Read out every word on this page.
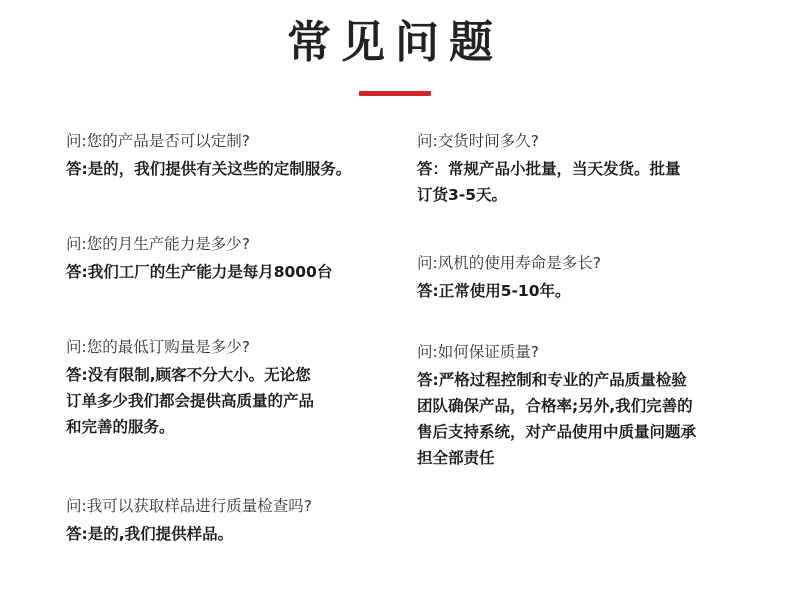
常见问题
问:您的产品是否可以定制?
答:是的，我们提供有关这些的定制服务。
问:您的月生产能力是多少?
答:我们工厂的生产能力是每月8000台
问:您的最低订购量是多少?
答:没有限制,顾客不分大小。无论您
订单多少我们都会提供高质量的产品
和完善的服务。
问:我可以获取样品进行质量检查吗?
答:是的,我们提供样品。
问:交货时间多久?
答：常规产品小批量，当天发货。批量
订货3-5天。
问:风机的使用寿命是多长?
答:正常使用5-10年。
问:如何保证质量?
答:严格过程控制和专业的产品质量检验
团队确保产品，合格率;另外,我们完善的
售后支持系统，对产品使用中质量问题承
担全部责任
